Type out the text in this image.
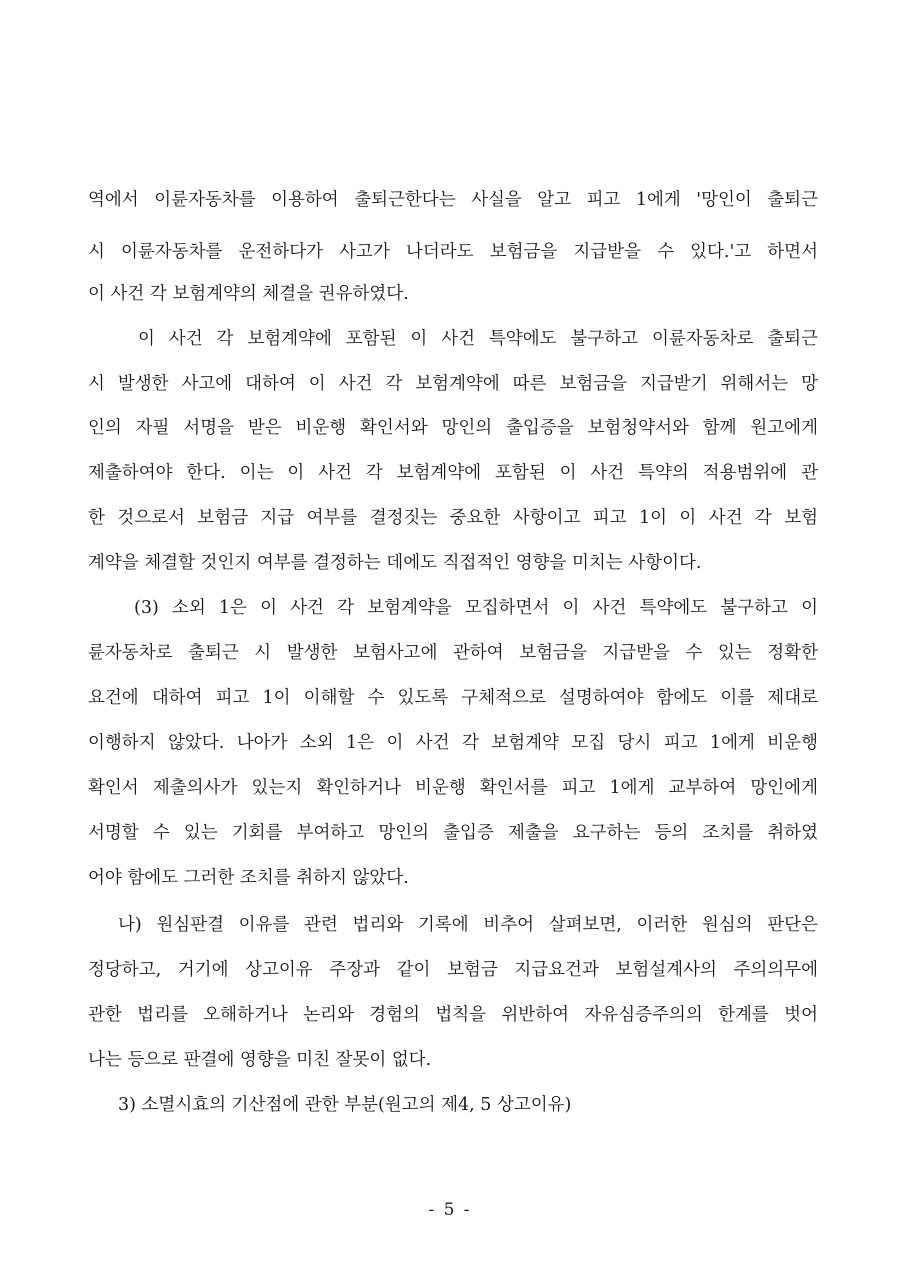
역에서 이륜자동차를 이용하여 출퇴근한다는 사실을 알고 피고 1에게 '망인이 출퇴근
시 이륜자동차를 운전하다가 사고가 나더라도 보험금을 지급받을 수 있다.'고 하면서
이 사건 각 보험계약의 체결을 권유하였다.
이 사건 각 보험계약에 포함된 이 사건 특약에도 불구하고 이륜자동차로 출퇴근
시 발생한 사고에 대하여 이 사건 각 보험계약에 따른 보험금을 지급받기 위해서는 망
인의 자필 서명을 받은 비운행 확인서와 망인의 출입증을 보험청약서와 함께 원고에게
제출하여야 한다. 이는 이 사건 각 보험계약에 포함된 이 사건 특약의 적용범위에 관
한 것으로서 보험금 지급 여부를 결정짓는 중요한 사항이고 피고 1이 이 사건 각 보험
계약을 체결할 것인지 여부를 결정하는 데에도 직접적인 영향을 미치는 사항이다.
(3) 소외 1은 이 사건 각 보험계약을 모집하면서 이 사건 특약에도 불구하고 이
륜자동차로 출퇴근 시 발생한 보험사고에 관하여 보험금을 지급받을 수 있는 정확한
요건에 대하여 피고 1이 이해할 수 있도록 구체적으로 설명하여야 함에도 이를 제대로
이행하지 않았다. 나아가 소외 1은 이 사건 각 보험계약 모집 당시 피고 1에게 비운행
확인서 제출의사가 있는지 확인하거나 비운행 확인서를 피고 1에게 교부하여 망인에게
서명할 수 있는 기회를 부여하고 망인의 출입증 제출을 요구하는 등의 조치를 취하였
어야 함에도 그러한 조치를 취하지 않았다.
나) 원심판결 이유를 관련 법리와 기록에 비추어 살펴보면, 이러한 원심의 판단은
정당하고, 거기에 상고이유 주장과 같이 보험금 지급요건과 보험설계사의 주의의무에
관한 법리를 오해하거나 논리와 경험의 법칙을 위반하여 자유심증주의의 한계를 벗어
나는 등으로 판결에 영향을 미친 잘못이 없다.
3) 소멸시효의 기산점에 관한 부분(원고의 제4, 5 상고이유)
- 5 -
